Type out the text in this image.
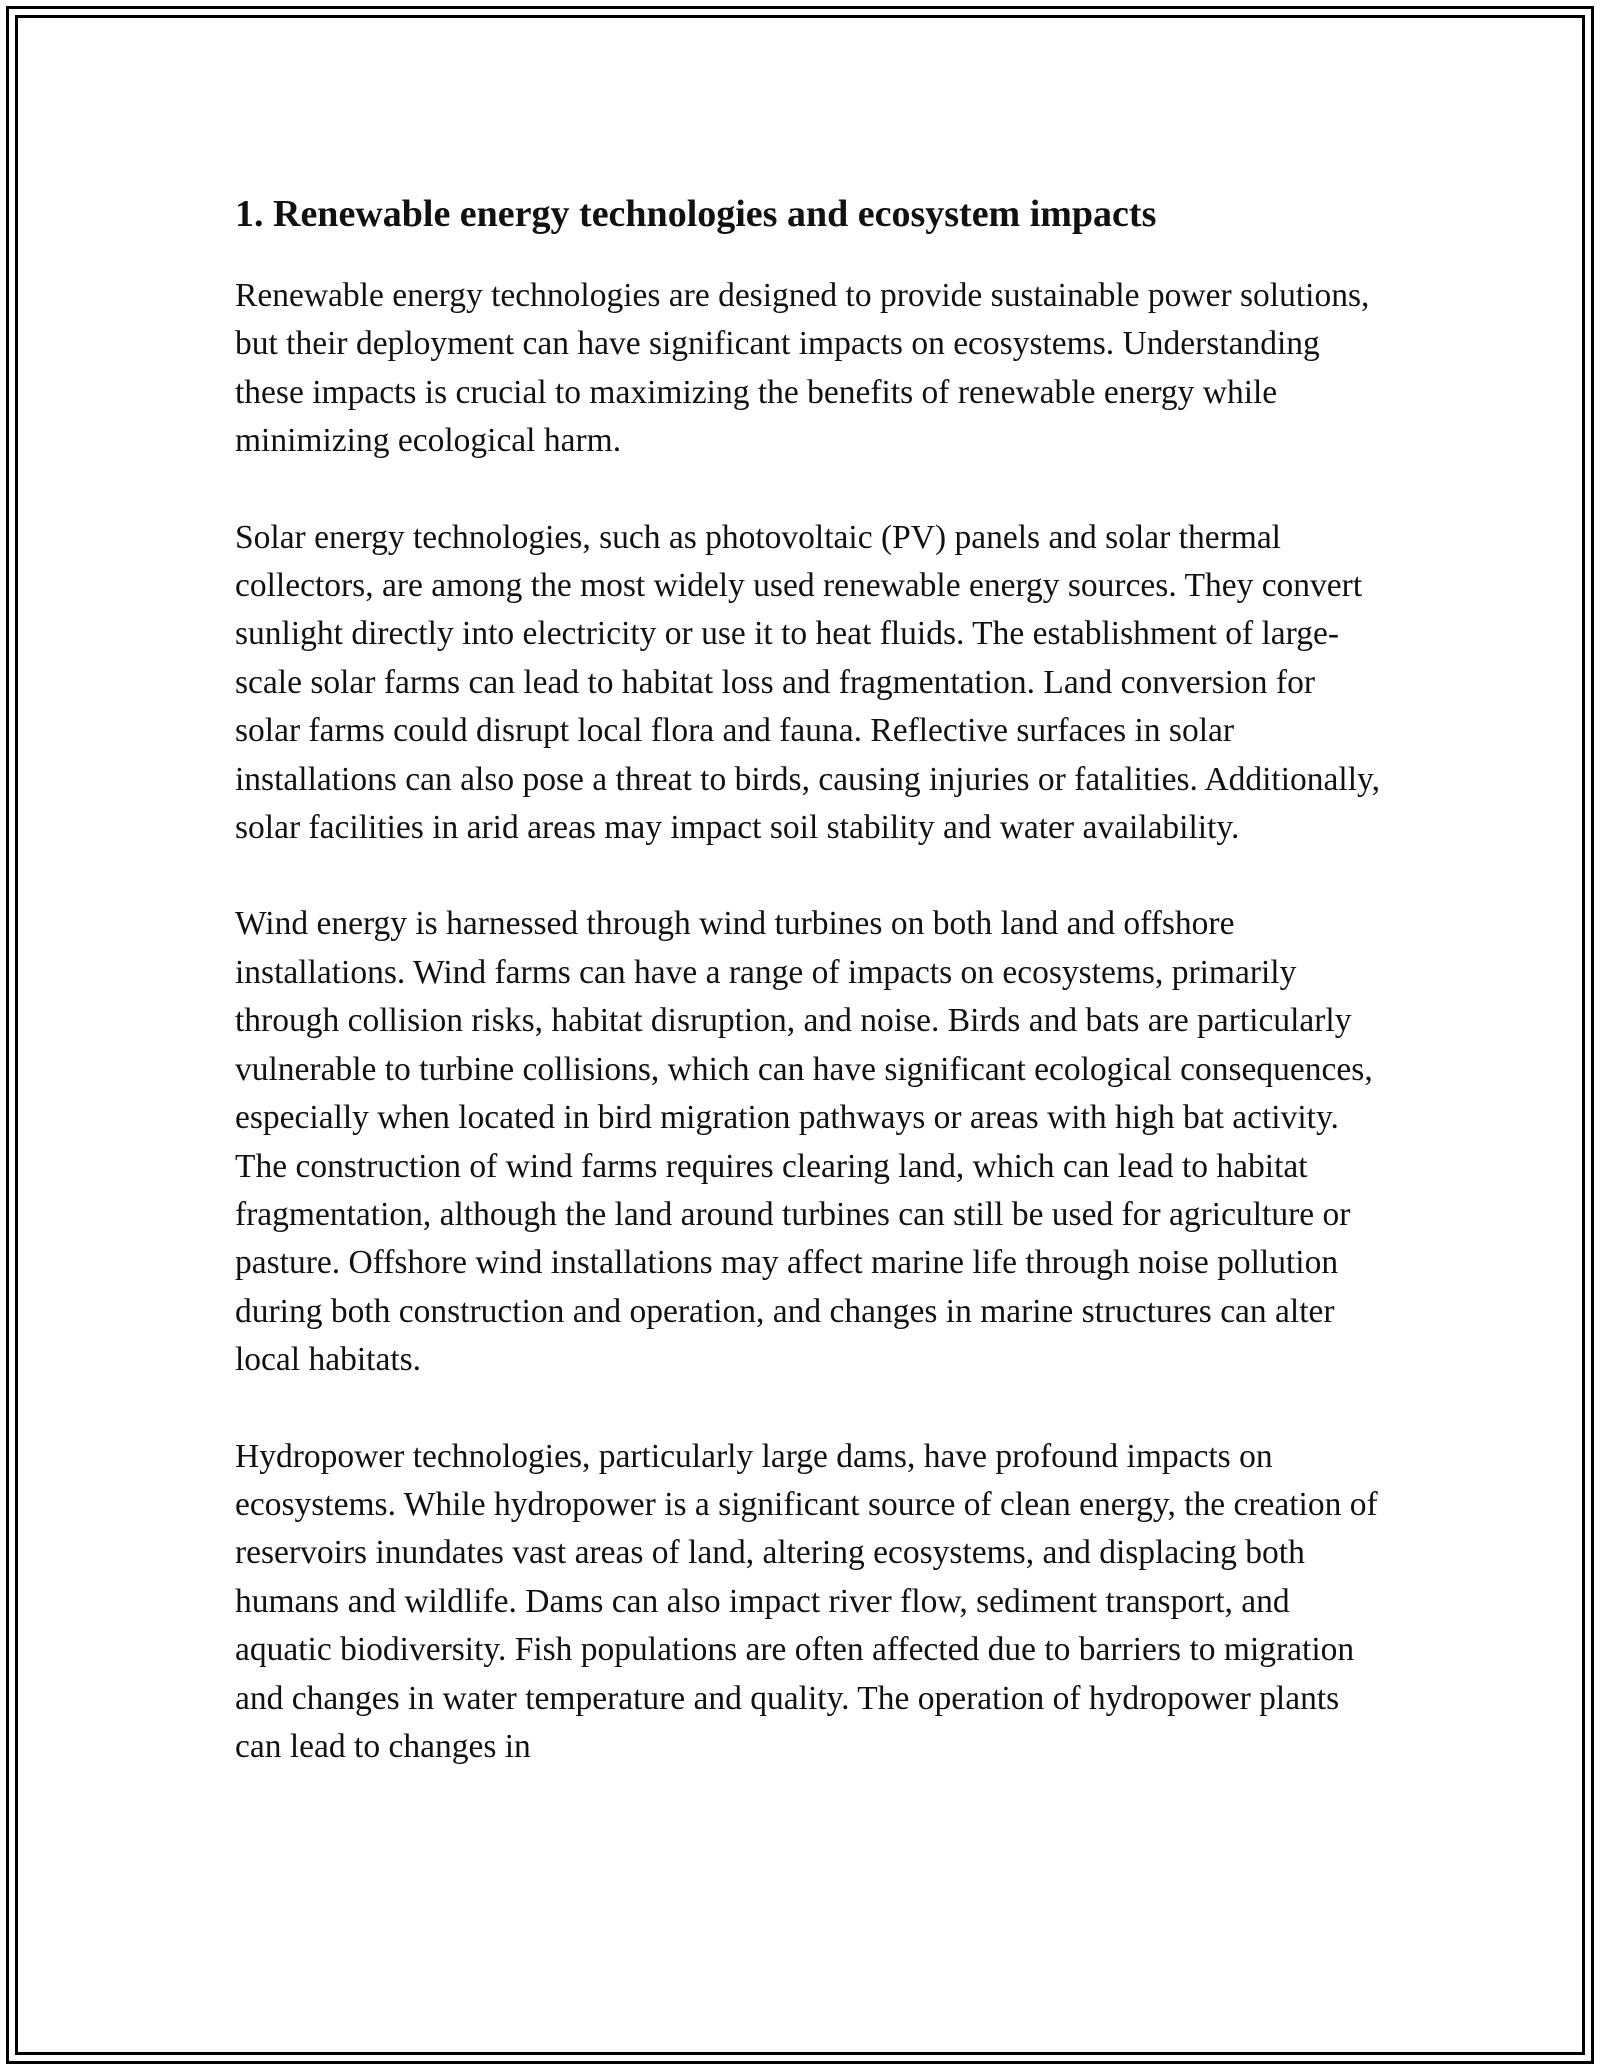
1. Renewable energy technologies and ecosystem impacts

Renewable energy technologies are designed to provide sustainable power solutions, but their deployment can have significant impacts on ecosystems. Understanding these impacts is crucial to maximizing the benefits of renewable energy while minimizing ecological harm.

Solar energy technologies, such as photovoltaic (PV) panels and solar thermal collectors, are among the most widely used renewable energy sources. They convert sunlight directly into electricity or use it to heat fluids. The establishment of large-scale solar farms can lead to habitat loss and fragmentation. Land conversion for solar farms could disrupt local flora and fauna. Reflective surfaces in solar installations can also pose a threat to birds, causing injuries or fatalities. Additionally, solar facilities in arid areas may impact soil stability and water availability.

Wind energy is harnessed through wind turbines on both land and offshore installations. Wind farms can have a range of impacts on ecosystems, primarily through collision risks, habitat disruption, and noise. Birds and bats are particularly vulnerable to turbine collisions, which can have significant ecological consequences, especially when located in bird migration pathways or areas with high bat activity. The construction of wind farms requires clearing land, which can lead to habitat fragmentation, although the land around turbines can still be used for agriculture or pasture. Offshore wind installations may affect marine life through noise pollution during both construction and operation, and changes in marine structures can alter local habitats.

Hydropower technologies, particularly large dams, have profound impacts on ecosystems. While hydropower is a significant source of clean energy, the creation of reservoirs inundates vast areas of land, altering ecosystems, and displacing both humans and wildlife. Dams can also impact river flow, sediment transport, and aquatic biodiversity. Fish populations are often affected due to barriers to migration and changes in water temperature and quality. The operation of hydropower plants can lead to changes in
